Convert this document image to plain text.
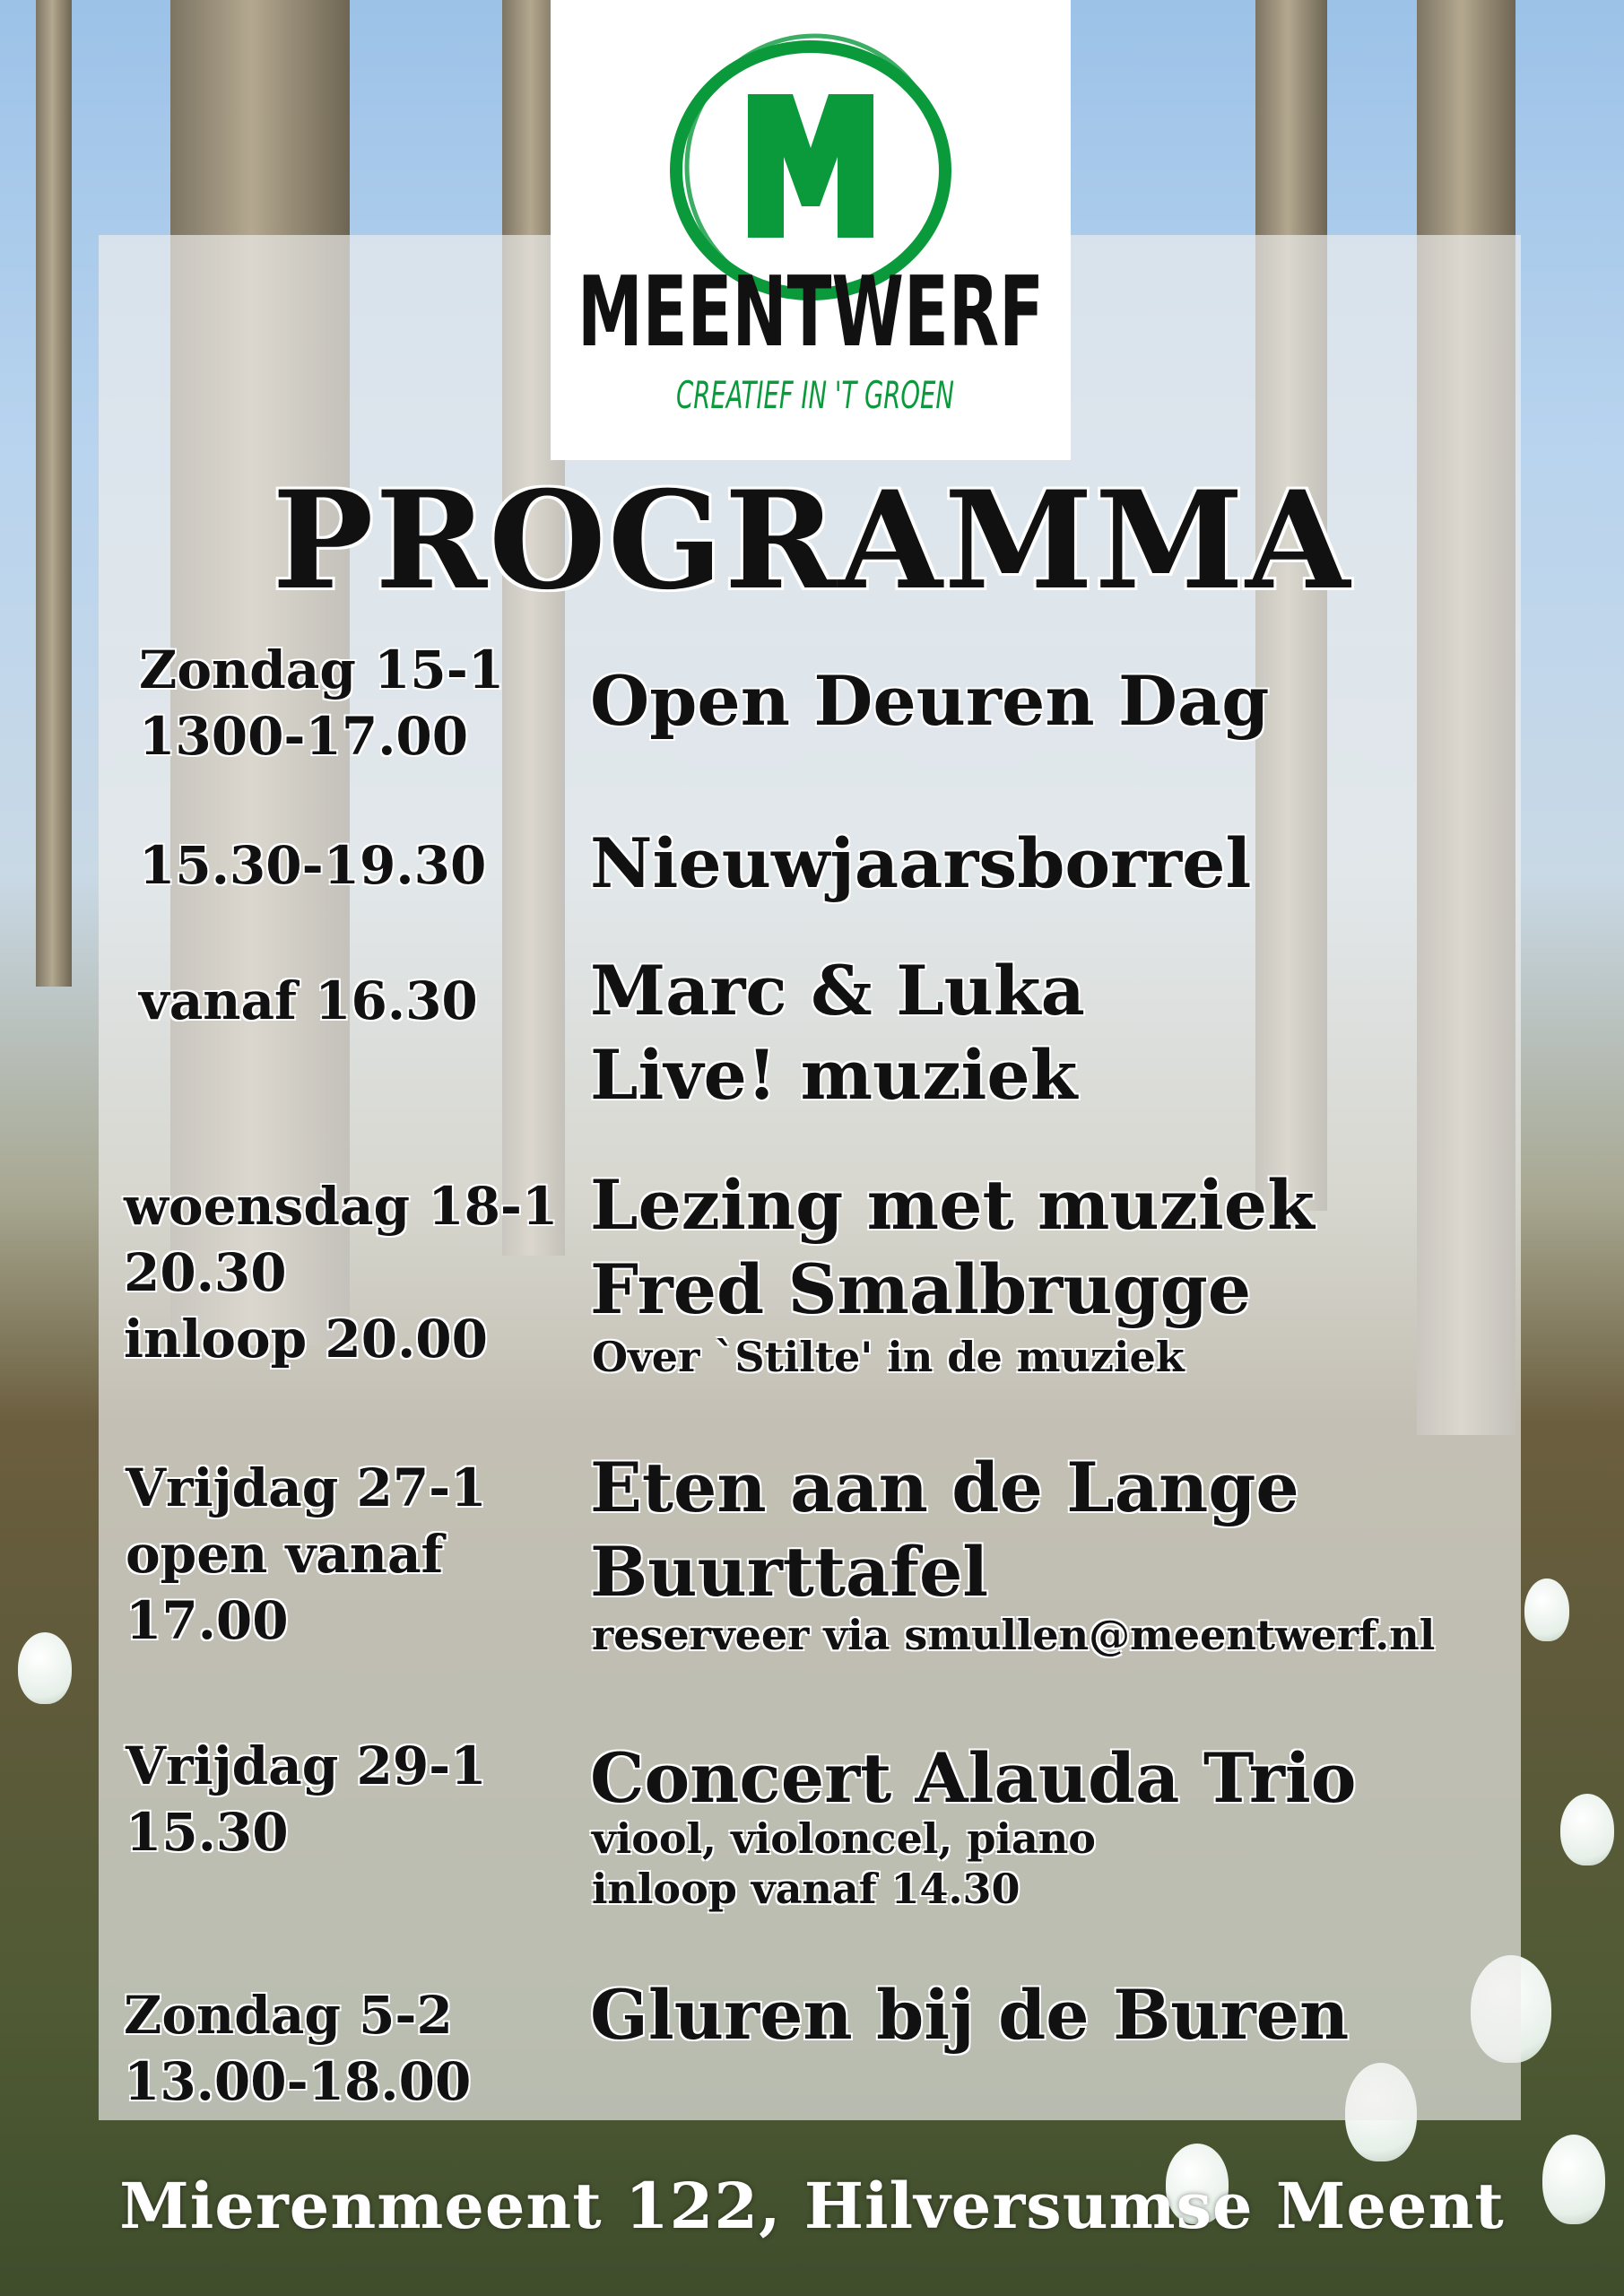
MEENTWERF
CREATIEF IN 'T GROEN
PROGRAMMA
Zondag 15-1
1300-17.00	Open Deuren Dag
15.30-19.30 Nieuwjaarsborrel
vanaf 16.30 Marc & Luka
Live! muziek
woensdag 18-1
20.30
inloop 20.00
Lezing met muziek
Fred Smalbrugge
Over `Stilte' in de muziek
Vrijdag 27-1
open vanaf
17.00
Eten aan de Lange
Buurttafel
reserveer via smullen@meentwerf.nl
Vrijdag 29-1
15.30
Concert Alauda Trio
viool, violoncel, piano
inloop vanaf 14.30
Zondag 5-2
13.00-18.00
Gluren bij de Buren
Mierenmeent 122, Hilversumse Meent
